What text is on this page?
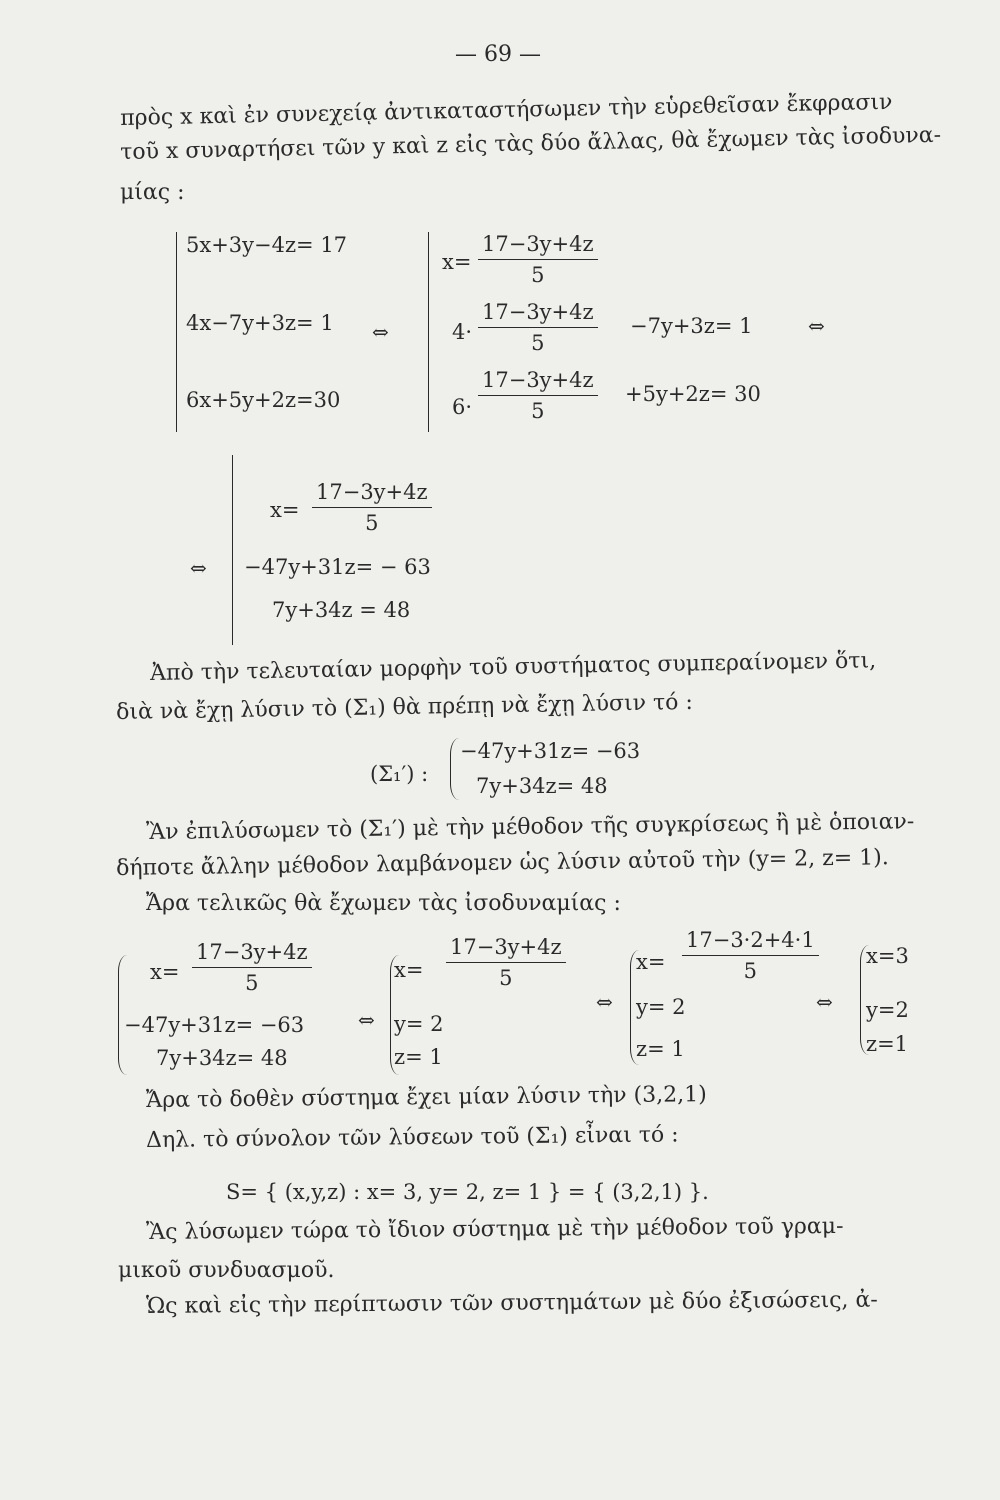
— 69 —
πρὸς x καὶ ἐν συνεχείᾳ ἀντικαταστήσωμεν τὴν εὑρεθεῖσαν ἔκφρασιν
τοῦ x συναρτήσει τῶν y καὶ z εἰς τὰς δύο ἄλλας, θὰ ἔχωμεν τὰς ἰσοδυνα-
μίας :
5x+3y−4z= 17
4x−7y+3z= 1
6x+5y+2z=30
⇔
$x= \frac{17-3y+4z}{5}$
$4\cdot \frac{17-3y+4z}{5} -7y+3z= 1$	⇔
$6\cdot \frac{17-3y+4z}{5} +5y+2z= 30$
⇔
$x= \frac{17-3y+4z}{5}$
−47y+31z= − 63
7y+34z = 48
Ἀπὸ τὴν τελευταίαν μορφὴν τοῦ συστήματος συμπεραίνομεν ὅτι,
διὰ νὰ ἔχῃ λύσιν τὸ (Σ₁) θὰ πρέπῃ νὰ ἔχῃ λύσιν τό :
(Σ₁′) :
−47y+31z= −63
7y+34z= 48
Ἂν ἐπιλύσωμεν τὸ (Σ₁′) μὲ τὴν μέθοδον τῆς συγκρίσεως ἢ μὲ ὁποιαν-
δήποτε ἄλλην μέθοδον λαμβάνομεν ὡς λύσιν αὐτοῦ τὴν (y= 2, z= 1).
Ἄρα τελικῶς θὰ ἔχωμεν τὰς ἰσοδυναμίας :
$x= \frac{17-3y+4z}{5}$
−47y+31z= −63
7y+34z= 48
⇔
$x= \frac{17-3y+4z}{5}$
y= 2
z= 1
⇔
$x= \frac{17-3\cdot 2+4\cdot 1}{5}$
y= 2
z= 1
⇔
x=3
y=2
z=1
Ἄρα τὸ δοθὲν σύστημα ἔχει μίαν λύσιν τὴν (3,2,1)
Δηλ. τὸ σύνολον τῶν λύσεων τοῦ (Σ₁) εἶναι τό :
S= { (x,y,z) : x= 3, y= 2, z= 1 } = { (3,2,1) }.
Ἂς λύσωμεν τώρα τὸ ἴδιον σύστημα μὲ τὴν μέθοδον τοῦ γραμ-
μικοῦ συνδυασμοῦ.
Ὡς καὶ εἰς τὴν περίπτωσιν τῶν συστημάτων μὲ δύο ἐξισώσεις, ἀ-
